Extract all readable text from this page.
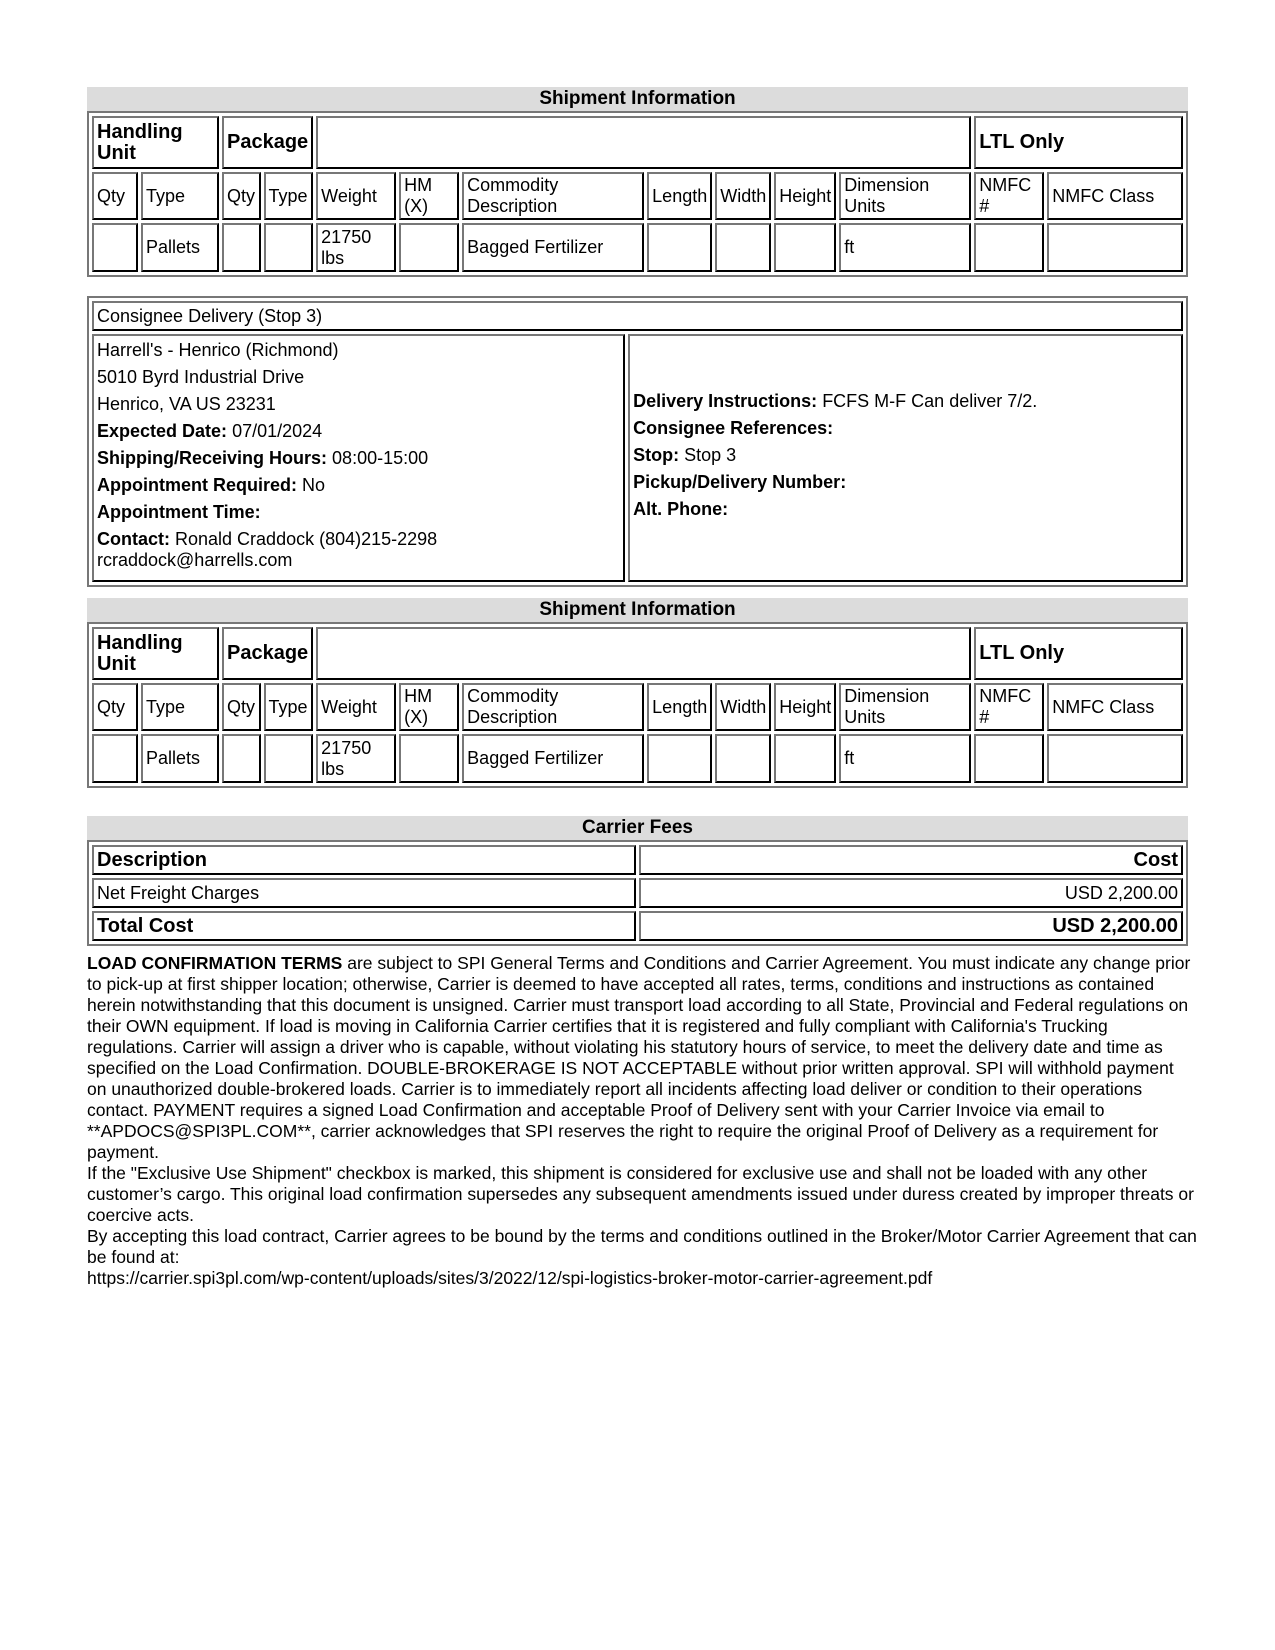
Shipment Information
Handling Unit		Package									LTL Only	
Qty	Type	Qty	Type	Weight	HM (X)	Commodity Description	Length	Width	Height	Dimension Units	NMFC #	NMFC Class
	Pallets			21750 lbs		Bagged Fertilizer				ft		
Consignee Delivery (Stop 3)

Harrell's - Henrico (Richmond)
5010 Byrd Industrial Drive
Henrico, VA US 23231
Expected Date: 07/01/2024
Shipping/Receiving Hours: 08:00-15:00
Appointment Required: No
Appointment Time:
Contact: Ronald Craddock (804)215-2298
rcraddock@harrells.com

Delivery Instructions: FCFS M-F Can deliver 7/2.
Consignee References:
Stop: Stop 3
Pickup/Delivery Number:
Alt. Phone:
Shipment Information
Handling Unit		Package									LTL Only	
Qty	Type	Qty	Type	Weight	HM (X)	Commodity Description	Length	Width	Height	Dimension Units	NMFC #	NMFC Class
	Pallets			21750 lbs		Bagged Fertilizer				ft		
Carrier Fees
Description	Cost
Net Freight Charges	USD 2,200.00
Total Cost	USD 2,200.00

LOAD CONFIRMATION TERMS are subject to SPI General Terms and Conditions and Carrier Agreement. You must indicate any change prior to pick-up at first shipper location; otherwise, Carrier is deemed to have accepted all rates, terms, conditions and instructions as contained herein notwithstanding that this document is unsigned. Carrier must transport load according to all State, Provincial and Federal regulations on their OWN equipment. If load is moving in California Carrier certifies that it is registered and fully compliant with California's Trucking regulations. Carrier will assign a driver who is capable, without violating his statutory hours of service, to meet the delivery date and time as specified on the Load Confirmation. DOUBLE-BROKERAGE IS NOT ACCEPTABLE without prior written approval. SPI will withhold payment on unauthorized double-brokered loads. Carrier is to immediately report all incidents affecting load deliver or condition to their operations contact. PAYMENT requires a signed Load Confirmation and acceptable Proof of Delivery sent with your Carrier Invoice via email to **APDOCS@SPI3PL.COM**, carrier acknowledges that SPI reserves the right to require the original Proof of Delivery as a requirement for payment.

If the "Exclusive Use Shipment" checkbox is marked, this shipment is considered for exclusive use and shall not be loaded with any other customer’s cargo. This original load confirmation supersedes any subsequent amendments issued under duress created by improper threats or coercive acts.

By accepting this load contract, Carrier agrees to be bound by the terms and conditions outlined in the Broker/Motor Carrier Agreement that can be found at:

https://carrier.spi3pl.com/wp-content/uploads/sites/3/2022/12/spi-logistics-broker-motor-carrier-agreement.pdf
